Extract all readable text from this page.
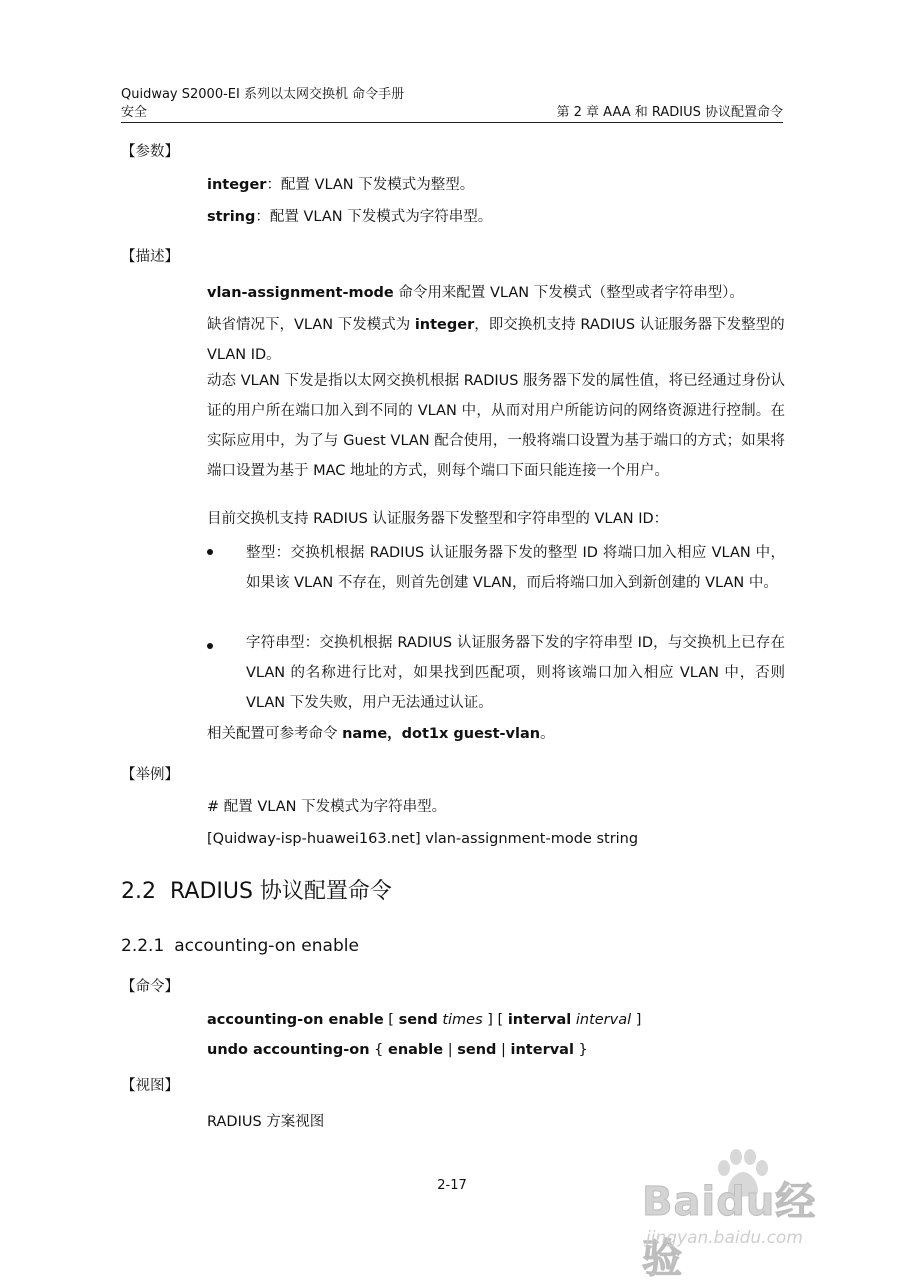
Quidway S2000-EI 系列以太网交换机 命令手册
安全	第 2 章 AAA 和 RADIUS 协议配置命令
【参数】
integer：配置 VLAN 下发模式为整型。
string：配置 VLAN 下发模式为字符串型。
【描述】
vlan-assignment-mode 命令用来配置 VLAN 下发模式（整型或者字符串型）。
缺省情况下，VLAN 下发模式为 integer，即交换机支持 RADIUS 认证服务器下发整型的 VLAN ID。
动态 VLAN 下发是指以太网交换机根据 RADIUS 服务器下发的属性值，将已经通过身份认证的用户所在端口加入到不同的 VLAN 中，从而对用户所能访问的网络资源进行控制。在实际应用中，为了与 Guest VLAN 配合使用，一般将端口设置为基于端口的方式；如果将端口设置为基于 MAC 地址的方式，则每个端口下面只能连接一个用户。
目前交换机支持 RADIUS 认证服务器下发整型和字符串型的 VLAN ID：
整型：交换机根据 RADIUS 认证服务器下发的整型 ID 将端口加入相应 VLAN 中，如果该 VLAN 不存在，则首先创建 VLAN，而后将端口加入到新创建的 VLAN 中。
字符串型：交换机根据 RADIUS 认证服务器下发的字符串型 ID，与交换机上已存在 VLAN 的名称进行比对，如果找到匹配项，则将该端口加入相应 VLAN 中，否则 VLAN 下发失败，用户无法通过认证。
相关配置可参考命令 name，dot1x guest-vlan。
【举例】
# 配置 VLAN 下发模式为字符串型。
[Quidway-isp-huawei163.net] vlan-assignment-mode string
2.2 RADIUS 协议配置命令
2.2.1 accounting-on enable
【命令】
accounting-on enable [ send times ] [ interval interval ]
undo accounting-on { enable | send | interval }
【视图】
RADIUS 方案视图
2-17	Baidu经验
jingyan.baidu.com
